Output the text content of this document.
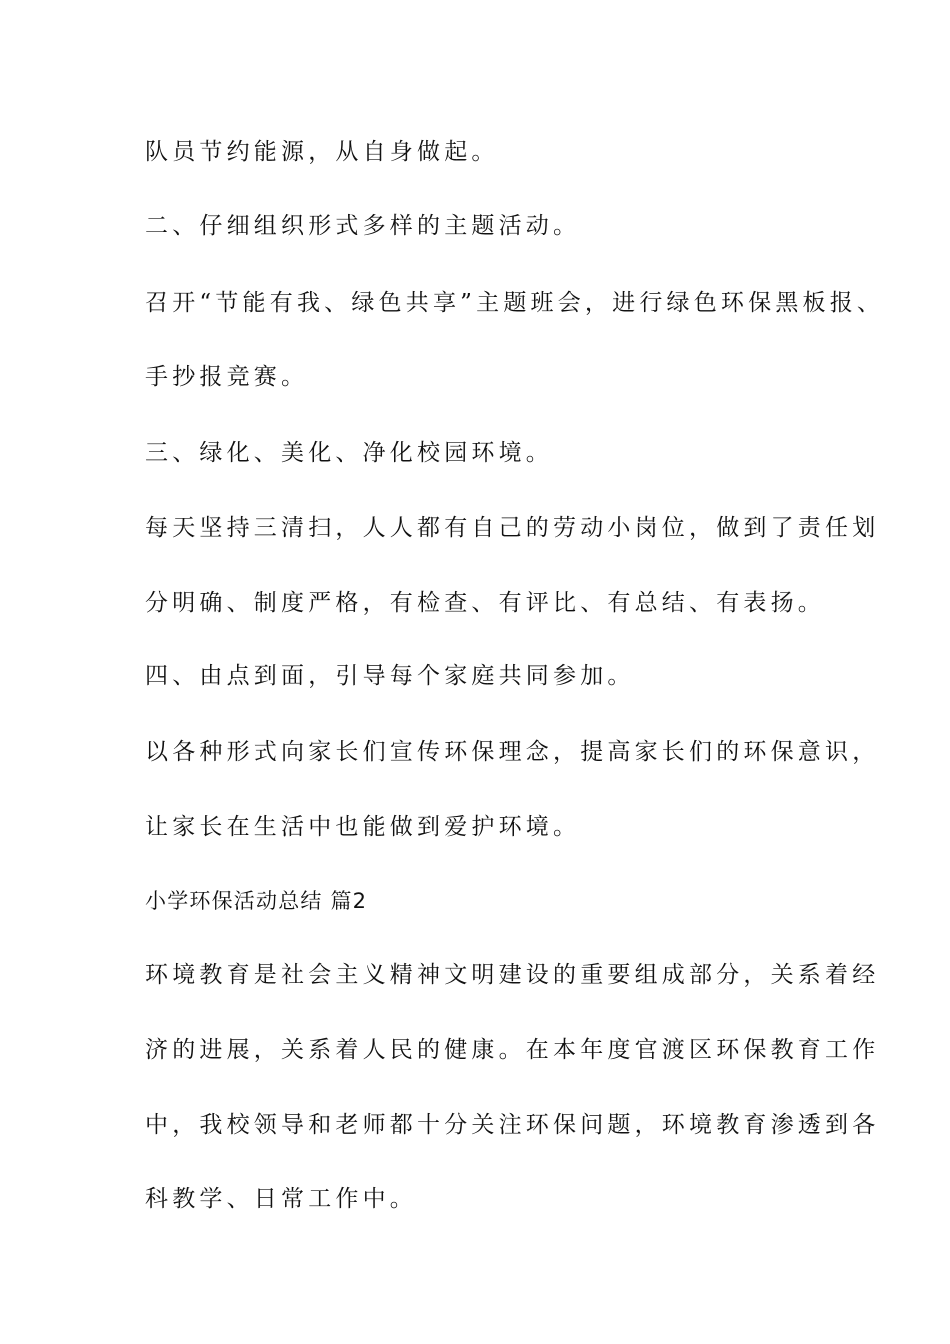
队员节约能源，从自身做起。
二、仔细组织形式多样的主题活动。
召开“节能有我、绿色共享”主题班会，进行绿色环保黑板报、
手抄报竞赛。
三、绿化、美化、净化校园环境。
每天坚持三清扫，人人都有自己的劳动小岗位，做到了责任划
分明确、制度严格，有检查、有评比、有总结、有表扬。
四、由点到面，引导每个家庭共同参加。
以各种形式向家长们宣传环保理念，提高家长们的环保意识，
让家长在生活中也能做到爱护环境。
小学环保活动总结 篇2
环境教育是社会主义精神文明建设的重要组成部分，关系着经
济的进展，关系着人民的健康。在本年度官渡区环保教育工作
中，我校领导和老师都十分关注环保问题，环境教育渗透到各
科教学、日常工作中。
